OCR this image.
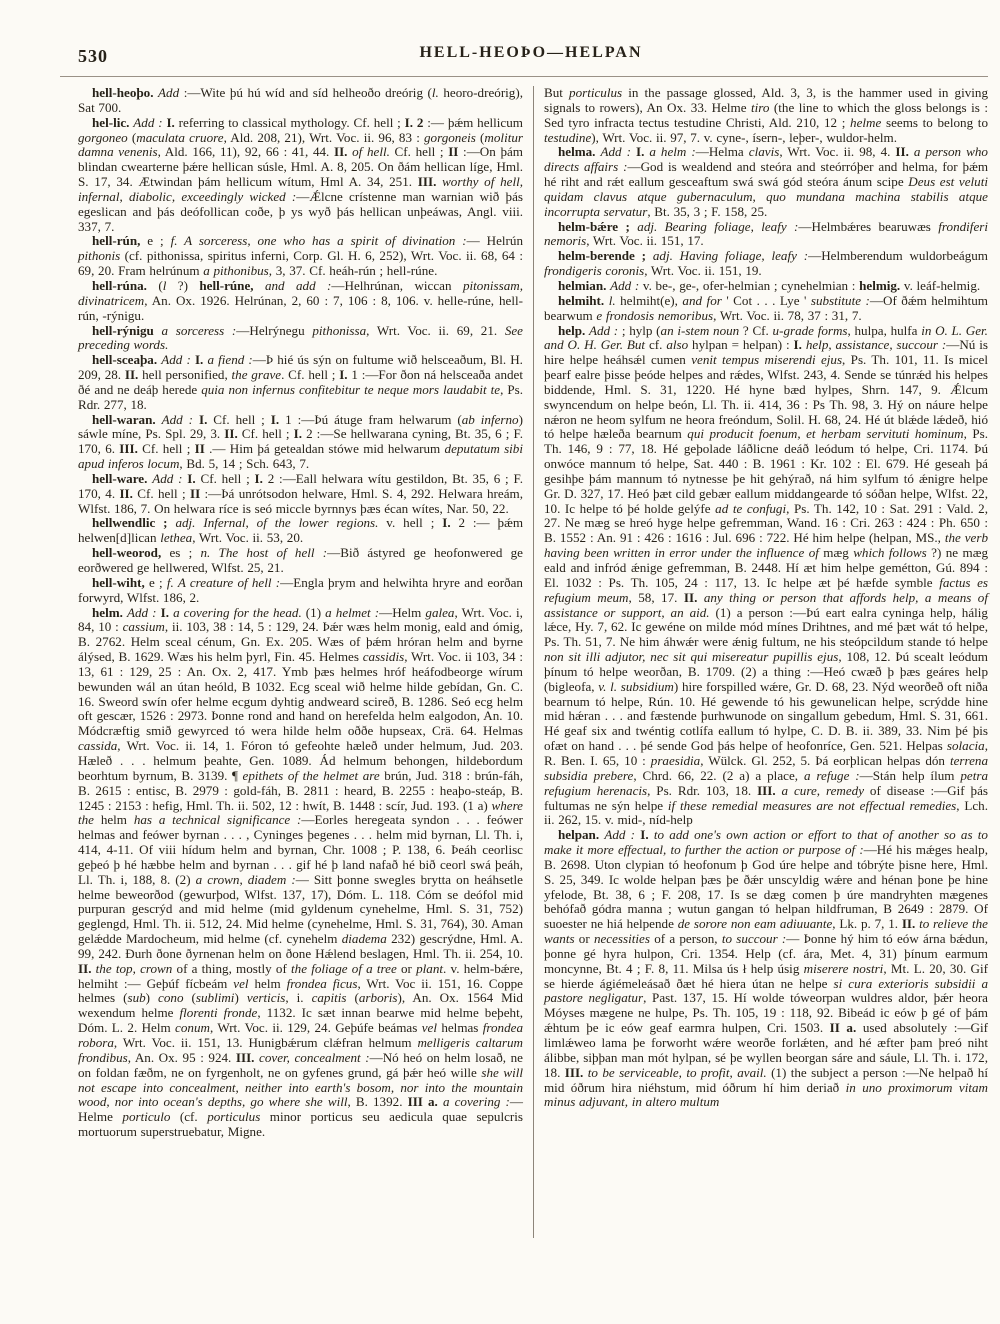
530	HELL-HEOÞO—HELPAN

hell-heoþo. Add :—Wite þú hú wíd and síd helheoðo dreórig (l. heoro-dreórig), Sat 700.

hel-lic. Add : I. referring to classical mythology. Cf. hell ; I. 2 :— þǽm hellicum gorgoneo (maculata cruore, Ald. 208, 21), Wrt. Voc. ii. 96, 83 : gorgoneis (molitur damna venenis, Ald. 166, 11), 92, 66 : 41, 44. II. of hell. Cf. hell ; II :—On þám blindan cwearterne þǽre hellican súsle, Hml. A. 8, 205. On ðám hellican líge, Hml. S. 17, 34. Ætwindan þám hellicum wítum, Hml A. 34, 251. III. worthy of hell, infernal, diabolic, exceedingly wicked :—Ǽlcne crístenne man warnian wið þás egeslican and þás deófollican coðe, þ ys wyð þás hellican unþeáwas, Angl. viii. 337, 7.

hell-rún, e ; f. A sorceress, one who has a spirit of divination :— Helrún pithonis (cf. pithonissa, spiritus inferni, Corp. Gl. H. 6, 252), Wrt. Voc. ii. 68, 64 : 69, 20. Fram helrúnum a pithonibus, 3, 37. Cf. heáh-rún ; hell-rúne.

hell-rúna. (l ?) hell-rúne, and add :—Helhrúnan, wiccan pitonissam, divinatricem, An. Ox. 1926. Helrúnan, 2, 60 : 7, 106 : 8, 106. v. helle-rúne, hell-rún, -rýnigu.

hell-rýnigu a sorceress :—Helrýnegu pithonissa, Wrt. Voc. ii. 69, 21. See preceding words.

hell-sceaþa. Add : I. a fiend :—Þ hié ús sýn on fultume wið helsceaðum, Bl. H. 209, 28. II. hell personified, the grave. Cf. hell ; I. 1 :—For ðon ná helsceaða andet ðé and ne deáþ herede quia non infernus confitebitur te neque mors laudabit te, Ps. Rdr. 277, 18.

hell-waran. Add : I. Cf. hell ; I. 1 :—Þú átuge fram helwarum (ab inferno) sáwle míne, Ps. Spl. 29, 3. II. Cf. hell ; I. 2 :—Se hellwarana cyning, Bt. 35, 6 ; F. 170, 6. III. Cf. hell ; II .— Him þá getealdan stówe mid helwarum deputatum sibi apud inferos locum, Bd. 5, 14 ; Sch. 643, 7.

hell-ware. Add : I. Cf. hell ; I. 2 :—Eall helwara wítu gestildon, Bt. 35, 6 ; F. 170, 4. II. Cf. hell ; II :—Þá unrótsodon helware, Hml. S. 4, 292. Helwara hreám, Wlfst. 186, 7. On helwara ríce is seó miccle byrnnys þæs écan wítes, Nar. 50, 22.

hellwendlic ; adj. Infernal, of the lower regions. v. hell ; I. 2 :— þǽm helwen[d]lican lethea, Wrt. Voc. ii. 53, 20.

hell-weorod, es ; n. The host of hell :—Bið ástyred ge heofonwered ge eorðwered ge hellwered, Wlfst. 25, 21.

hell-wiht, e ; f. A creature of hell :—Engla þrym and helwihta hryre and eorðan forwyrd, Wlfst. 186, 2.

helm. Add : I. a covering for the head. (1) a helmet :—Helm galea, Wrt. Voc. i, 84, 10 : cassium, ii. 103, 38 : 14, 5 : 129, 24. Þǽr wæs helm monig, eald and ómig, B. 2762. Helm sceal cénum, Gn. Ex. 205. Wæs of þǽm hróran helm and byrne álýsed, B. 1629. Wæs his helm þyrl, Fin. 45. Helmes cassidis, Wrt. Voc. ii 103, 34 : 13, 61 : 129, 25 : An. Ox. 2, 417. Ymb þæs helmes hróf heáfodbeorge wírum bewunden wál an útan heóld, B 1032. Ecg sceal wið helme hilde gebídan, Gn. C. 16. Sweord swín ofer helme ecgum dyhtig andweard scireð, B. 1286. Seó ecg helm oft gescær, 1526 : 2973. Þonne rond and hand on herefelda helm ealgodon, An. 10. Módcræftig smið gewyrced tó wera hilde helm oððe hupseax, Crä. 64. Helmas cassida, Wrt. Voc. ii. 14, 1. Fóron tó gefeohte hæleð under helmum, Jud. 203. Hæleð . . . helmum þeahte, Gen. 1089. Ád helmum behongen, hildebordum beorhtum byrnum, B. 3139. ¶ epithets of the helmet are brún, Jud. 318 : brún-fáh, B. 2615 : entisc, B. 2979 : gold-fáh, B. 2811 : heard, B. 2255 : heaþo-steáp, B. 1245 : 2153 : hefig, Hml. Th. ii. 502, 12 : hwít, B. 1448 : scír, Jud. 193. (1 a) where the helm has a technical significance :—Eorles heregeata syndon . . . feówer helmas and feówer byrnan . . . , Cyninges þegenes . . . helm mid byrnan, Ll. Th. i, 414, 4-11. Of viii hídum helm and byrnan, Chr. 1008 ; P. 138, 6. Þeáh ceorlisc geþeó þ hé hæbbe helm and byrnan . . . gif hé þ land nafað hé bið ceorl swá þeáh, Ll. Th. i, 188, 8. (2) a crown, diadem :— Sitt þonne swegles brytta on heáhsetle helme beweorðod (gewurþod, Wlfst. 137, 17), Dóm. L. 118. Cóm se deófol mid purpuran gescrýd and mid helme (mid gyldenum cynehelme, Hml. S. 31, 752) geglengd, Hml. Th. ii. 512, 24. Mid helme (cynehelme, Hml. S. 31, 764), 30. Aman gelǽdde Mardocheum, mid helme (cf. cynehelm diadema 232) gescrýdne, Hml. A. 99, 242. Ðurh ðone ðyrnenan helm on ðone Hǽlend beslagen, Hml. Th. ii. 254, 10. II. the top, crown of a thing, mostly of the foliage of a tree or plant. v. helm-bǽre, helmiht :— Geþúf fícbeám vel helm frondea ficus, Wrt. Voc ii. 151, 16. Coppe helmes (sub) cono (sublimi) verticis, i. capitis (arboris), An. Ox. 1564 Mid wexendum helme florenti fronde, 1132. Ic sæt innan bearwe mid helme beþeht, Dóm. L. 2. Helm conum, Wrt. Voc. ii. 129, 24. Geþúfe beámas vel helmas frondea robora, Wrt. Voc. ii. 151, 13. Hunigbǽrum clǽfran helmum melligeris caltarum frondibus, An. Ox. 95 : 924. III. cover, concealment :—Nó heó on helm losað, ne on foldan fæðm, ne on fyrgenholt, ne on gyfenes grund, gá þǽr heó wille she will not escape into concealment, neither into earth's bosom, nor into the mountain wood, nor into ocean's depths, go where she will, B. 1392. III a. a covering :—Helme porticulo (cf. porticulus minor porticus seu aedicula quae sepulcris mortuorum superstruebatur, Migne.

But porticulus in the passage glossed, Ald. 3, 3, is the hammer used in giving signals to rowers), An Ox. 33. Helme tiro (the line to which the gloss belongs is : Sed tyro infracta tectus testudine Christi, Ald. 210, 12 ; helme seems to belong to testudine), Wrt. Voc. ii. 97, 7. v. cyne-, ísern-, leþer-, wuldor-helm.

helma. Add : I. a helm :—Helma clavis, Wrt. Voc. ii. 98, 4. II. a person who directs affairs :—God is wealdend and steóra and steórróþer and helma, for þǽm hé riht and rǽt eallum gesceaftum swá swá gód steóra ánum scipe Deus est veluti quidam clavus atque gubernaculum, quo mundana machina stabilis atque incorrupta servatur, Bt. 35, 3 ; F. 158, 25.

helm-bǽre ; adj. Bearing foliage, leafy :—Helmbǽres bearuwæs frondiferi nemoris, Wrt. Voc. ii. 151, 17.

helm-berende ; adj. Having foliage, leafy :—Helmberendum wuldorbeágum frondigeris coronis, Wrt. Voc. ii. 151, 19.

helmian. Add : v. be-, ge-, ofer-helmian ; cynehelmian : helmig. v. leáf-helmig.

helmiht. l. helmiht(e), and for ' Cot . . . Lye ' substitute :—Of ðǽm helmihtum bearwum e frondosis nemoribus, Wrt. Voc. ii. 78, 37 : 31, 7.

help. Add : ; hylp (an i-stem noun ? Cf. u-grade forms, hulpa, hulfa in O. L. Ger. and O. H. Ger. But cf. also hylpan = helpan) : I. help, assistance, succour :—Nú is hire helpe heáhsǽl cumen venit tempus miserendi ejus, Ps. Th. 101, 11. Is micel þearf ealre þisse þeóde helpes and rǽdes, Wlfst. 243, 4. Sende se túnrǽd his helpes biddende, Hml. S. 31, 1220. Hé hyne bæd hylpes, Shrn. 147, 9. Ǽlcum swyncendum on helpe beón, Ll. Th. ii. 414, 36 : Ps Th. 98, 3. Hý on náure helpe nǽron ne heom sylfum ne heora freóndum, Solil. H. 68, 24. Hé út blǽde lǽdeð, hió tó helpe hæleða bearnum qui producit foenum, et herbam servituti hominum, Ps. Th. 146, 9 : 77, 18. Hé geþolade láðlicne deáð leódum tó helpe, Cri. 1174. Þú onwóce mannum tó helpe, Sat. 440 : B. 1961 : Kr. 102 : El. 679. Hé geseah þá gesihþe þám mannum tó nytnesse þe hit gehýrað, ná him sylfum tó ǽnigre helpe Gr. D. 327, 17. Heó þæt cild gebær eallum middangearde tó sóðan helpe, Wlfst. 22, 10. Ic helpe tó þé holde gelýfe ad te confugi, Ps. Th. 142, 10 : Sat. 291 : Vald. 2, 27. Ne mæg se hreó hyge helpe gefremman, Wand. 16 : Cri. 263 : 424 : Ph. 650 : B. 1552 : An. 91 : 426 : 1616 : Jul. 696 : 722. Hé him helpe (helpan, MS., the verb having been written in error under the influence of mæg which follows ?) ne mæg eald and infród ǽnige gefremman, B. 2448. Hí æt him helpe gemétton, Gú. 894 : El. 1032 : Ps. Th. 105, 24 : 117, 13. Ic helpe æt þé hæfde symble factus es refugium meum, 58, 17. II. any thing or person that affords help, a means of assistance or support, an aid. (1) a person :—Þú eart ealra cyninga help, hálig lǽce, Hy. 7, 62. Ic gewéne on milde mód mínes Drihtnes, and mé þæt wát tó helpe, Ps. Th. 51, 7. Ne him áhwǽr were ǽnig fultum, ne his steópcildum stande tó helpe non sit illi adjutor, nec sit qui misereatur pupillis ejus, 108, 12. Þú scealt leódum þínum tó helpe weorðan, B. 1709. (2) a thing :—Heó cwæð þ þæs geáres help (bigleofa, v. l. subsidium) hire forspilled wǽre, Gr. D. 68, 23. Nýd weorðeð oft niða bearnum tó helpe, Rún. 10. Hé gewende tó his gewunelican helpe, scrýdde hine mid hǽran . . . and fæstende þurhwunode on singallum gebedum, Hml. S. 31, 661. Hé geaf six and twéntig cotlífa eallum tó hylpe, C. D. B. ii. 389, 33. Nim þé þis ofæt on hand . . . þé sende God þás helpe of heofonríce, Gen. 521. Helpas solacia, R. Ben. I. 65, 10 : praesidia, Wülck. Gl. 252, 5. Þá eorþlican helpas dón terrena subsidia prebere, Chrd. 66, 22. (2 a) a place, a refuge :—Stán help ílum petra refugium herenacis, Ps. Rdr. 103, 18. III. a cure, remedy of disease :—Gif þás fultumas ne sýn helpe if these remedial measures are not effectual remedies, Lch. ii. 262, 15. v. mid-, níd-help

helpan. Add : I. to add one's own action or effort to that of another so as to make it more effectual, to further the action or purpose of :—Hé his mǽges healp, B. 2698. Uton clypian tó heofonum þ God úre helpe and tóbrýte þisne here, Hml. S. 25, 349. Ic wolde helpan þæs þe ðǽr unscyldig wǽre and hénan þone þe hine yfelode, Bt. 38, 6 ; F. 208, 17. Is se dæg comen þ úre mandryhten mægenes behófað gódra manna ; wutun gangan tó helpan hildfruman, B 2649 : 2879. Of suoester ne hiá helpende de sorore non eam adiuuante, Lk. p. 7, 1. II. to relieve the wants or necessities of a person, to succour :— Þonne hý him tó eów árna bǽdun, þonne gé hyra hulpon, Cri. 1354. Help (cf. ára, Met. 4, 31) þínum earmum moncynne, Bt. 4 ; F. 8, 11. Milsa ús ł help úsig miserere nostri, Mt. L. 20, 30. Gif se hierde ágiémeleásað ðæt hé hiera útan ne helpe si cura exterioris subsidii a pastore negligatur, Past. 137, 15. Hí wolde tóweorpan wuldres aldor, þǽr heora Móyses mægene ne hulpe, Ps. Th. 105, 19 : 118, 92. Bibeád ic eów þ gé of þám ǽhtum þe ic eów geaf earmra hulpen, Cri. 1503. II a. used absolutely :—Gif limlǽweo lama þe forworht wǽre weorðe forlǽten, and hé æfter þam þreó niht álibbe, siþþan man mót hylpan, sé þe wyllen beorgan sáre and sáule, Ll. Th. i. 172, 18. III. to be serviceable, to profit, avail. (1) the subject a person :—Ne helpað hí mid óðrum hira niéhstum, mid óðrum hí him deriað in uno proximorum vitam minus adjuvant, in altero multum
